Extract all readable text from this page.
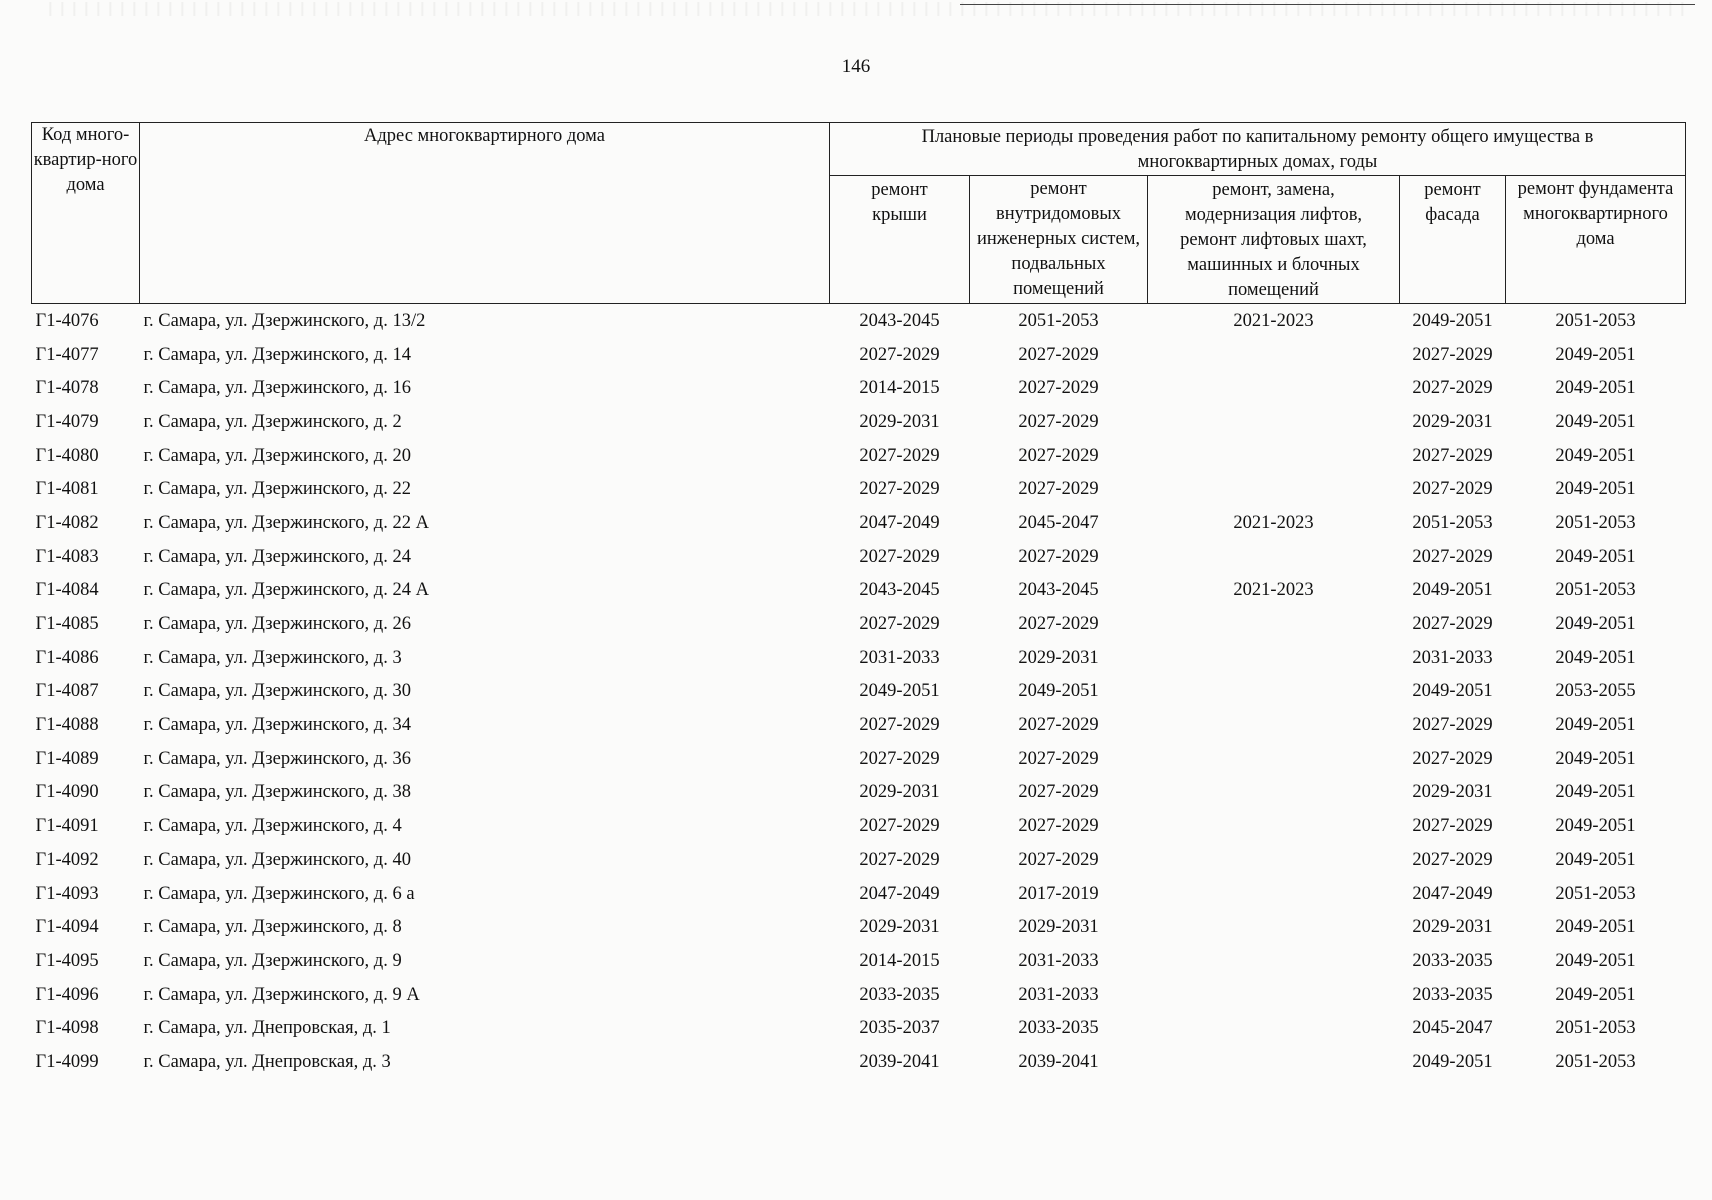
146
Код много-квартир-ного дома	Адрес многоквартирного дома	Плановые периоды проведения работ по капитальному ремонту общего имущества в многоквартирных домах, годы				
		ремонт крыши	ремонт внутридомовых инженерных систем, подвальных помещений	ремонт, замена, модернизация лифтов, ремонт лифтовых шахт, машинных и блочных помещений	ремонт фасада	ремонт фундамента многоквартирного дома
Г1-4076	г. Самара, ул. Дзержинского, д. 13/2	2043-2045	2051-2053	2021-2023	2049-2051	2051-2053
Г1-4077	г. Самара, ул. Дзержинского, д. 14	2027-2029	2027-2029		2027-2029	2049-2051
Г1-4078	г. Самара, ул. Дзержинского, д. 16	2014-2015	2027-2029		2027-2029	2049-2051
Г1-4079	г. Самара, ул. Дзержинского, д. 2	2029-2031	2027-2029		2029-2031	2049-2051
Г1-4080	г. Самара, ул. Дзержинского, д. 20	2027-2029	2027-2029		2027-2029	2049-2051
Г1-4081	г. Самара, ул. Дзержинского, д. 22	2027-2029	2027-2029		2027-2029	2049-2051
Г1-4082	г. Самара, ул. Дзержинского, д. 22 А	2047-2049	2045-2047	2021-2023	2051-2053	2051-2053
Г1-4083	г. Самара, ул. Дзержинского, д. 24	2027-2029	2027-2029		2027-2029	2049-2051
Г1-4084	г. Самара, ул. Дзержинского, д. 24 А	2043-2045	2043-2045	2021-2023	2049-2051	2051-2053
Г1-4085	г. Самара, ул. Дзержинского, д. 26	2027-2029	2027-2029		2027-2029	2049-2051
Г1-4086	г. Самара, ул. Дзержинского, д. 3	2031-2033	2029-2031		2031-2033	2049-2051
Г1-4087	г. Самара, ул. Дзержинского, д. 30	2049-2051	2049-2051		2049-2051	2053-2055
Г1-4088	г. Самара, ул. Дзержинского, д. 34	2027-2029	2027-2029		2027-2029	2049-2051
Г1-4089	г. Самара, ул. Дзержинского, д. 36	2027-2029	2027-2029		2027-2029	2049-2051
Г1-4090	г. Самара, ул. Дзержинского, д. 38	2029-2031	2027-2029		2029-2031	2049-2051
Г1-4091	г. Самара, ул. Дзержинского, д. 4	2027-2029	2027-2029		2027-2029	2049-2051
Г1-4092	г. Самара, ул. Дзержинского, д. 40	2027-2029	2027-2029		2027-2029	2049-2051
Г1-4093	г. Самара, ул. Дзержинского, д. 6 а	2047-2049	2017-2019		2047-2049	2051-2053
Г1-4094	г. Самара, ул. Дзержинского, д. 8	2029-2031	2029-2031		2029-2031	2049-2051
Г1-4095	г. Самара, ул. Дзержинского, д. 9	2014-2015	2031-2033		2033-2035	2049-2051
Г1-4096	г. Самара, ул. Дзержинского, д. 9 А	2033-2035	2031-2033		2033-2035	2049-2051
Г1-4098	г. Самара, ул. Днепровская, д. 1	2035-2037	2033-2035		2045-2047	2051-2053
Г1-4099	г. Самара, ул. Днепровская, д. 3	2039-2041	2039-2041		2049-2051	2051-2053
